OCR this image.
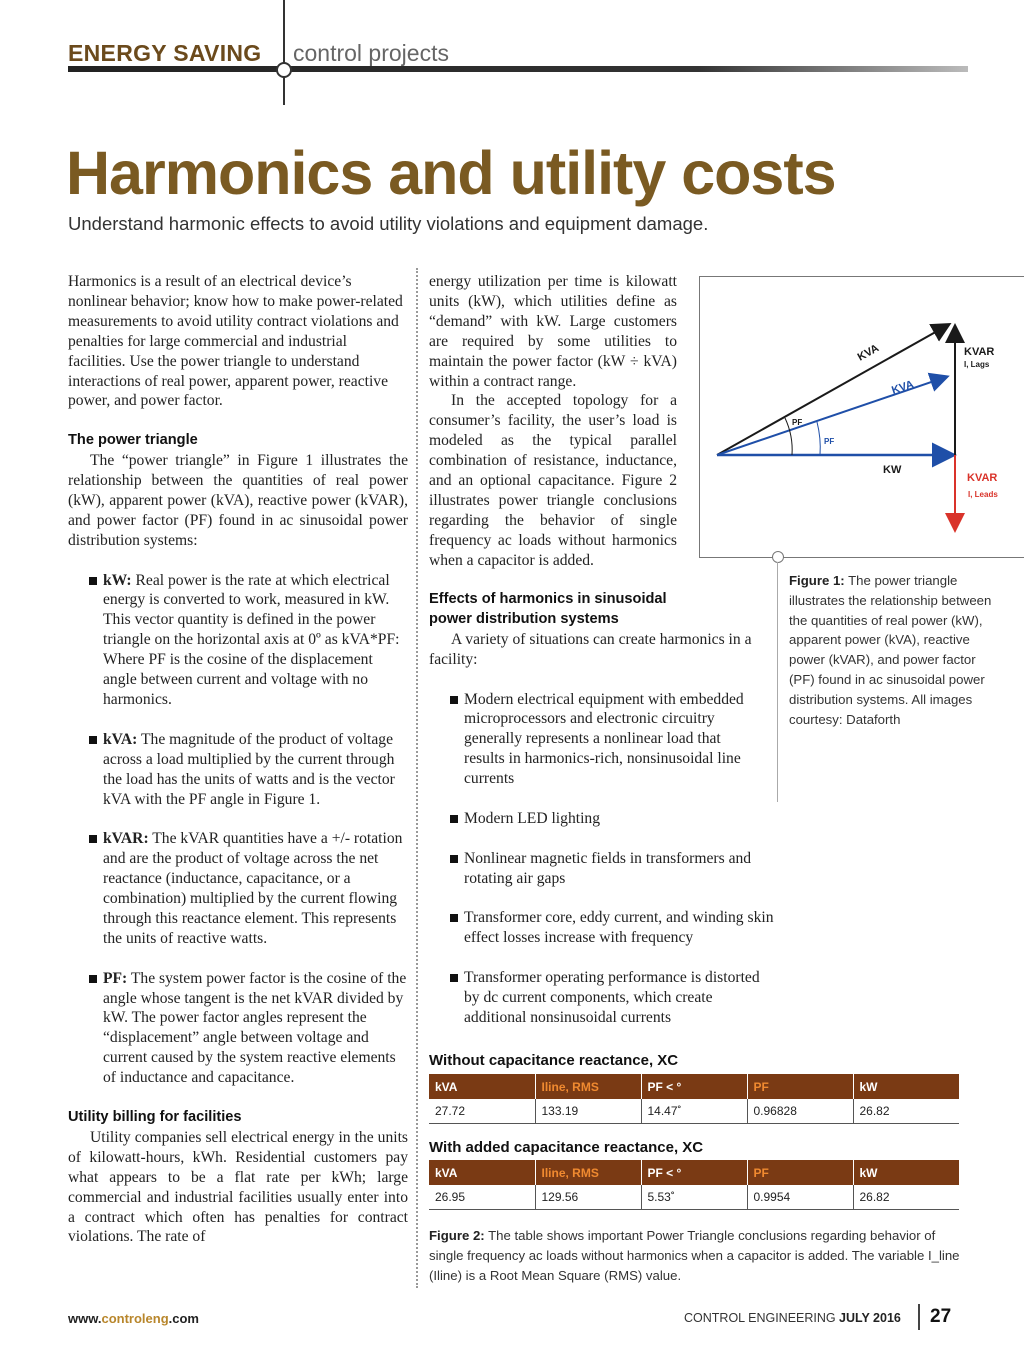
ENERGY SAVING control projects
Harmonics and utility costs
Understand harmonic effects to avoid utility violations and equipment damage.

Harmonics is a result of an electrical device’s nonlinear behavior; know how to make power-related measurements to avoid utility contract violations and penalties for large commercial and industrial facilities. Use the power triangle to understand interactions of real power, apparent power, reactive power, and power factor.

The power triangle

The “power triangle” in Figure 1 illustrates the relationship between the quantities of real power (kW), apparent power (kVA), reactive power (kVAR), and power factor (PF) found in ac sinusoidal power distribution systems:

kW: Real power is the rate at which electrical energy is converted to work, measured in kW. This vector quantity is defined in the power triangle on the horizontal axis at 0º as kVA*PF: Where PF is the cosine of the displacement angle between current and voltage with no harmonics.
kVA: The magnitude of the product of voltage across a load multiplied by the current through the load has the units of watts and is the vector kVA with the PF angle in Figure 1.
kVAR: The kVAR quantities have a +/- rotation and are the product of voltage across the net reactance (inductance, capacitance, or a combination) multiplied by the current flowing through this reactance element. This represents the units of reactive watts.
PF: The system power factor is the cosine of the angle whose tangent is the net kVAR divided by kW. The power factor angles represent the “displacement” angle between voltage and current caused by the system reactive elements of inductance and capacitance.

Utility billing for facilities

Utility companies sell electrical energy in the units of kilowatt-hours, kWh. Residential customers pay what appears to be a flat rate per kWh; large commercial and industrial facilities usually enter into a contract which often has penalties for contract violations. The rate of

energy utilization per time is kilowatt units (kW), which utilities define as “demand” with kW. Large customers are required by some utilities to maintain the power factor (kW ÷ kVA) within a contract range.

In the accepted topology for a consumer’s facility, the user’s load is modeled as the typical parallel combination of resistance, inductance, and an optional capacitance. Figure 2 illustrates power triangle conclusions regarding the behavior of single frequency ac loads without harmonics when a capacitor is added.

Effects of harmonics in sinusoidal

power distribution systems

A variety of situations can create harmonics in a facility:

Modern electrical equipment with embedded microprocessors and electronic circuitry generally represents a nonlinear load that results in harmonics-rich, nonsinusoidal line currents
Modern LED lighting
Nonlinear magnetic fields in transformers and rotating air gaps
Transformer core, eddy current, and winding skin effect losses increase with frequency
Transformer operating performance is distorted by dc current components, which create additional nonsinusoidal currents
KVA
KVA
KVAR
I, Lags
KVAR
I, Leads
KW
PF
PF
Figure 1: The power triangle illustrates the relationship between the quantities of real power (kW), apparent power (kVA), reactive power (kVAR), and power factor (PF) found in ac sinusoidal power distribution systems. All images courtesy: Dataforth
Without capacitance reactance, XC
kVA	Iline, RMS	PF < °	PF	kW
27.72	133.19	14.47˚	0.96828	26.82
With added capacitance reactance, XC
kVA	Iline, RMS	PF < °	PF	kW
26.95	129.56	5.53˚	0.9954	26.82
Figure 2: The table shows important Power Triangle conclusions regarding behavior of single frequency ac loads without harmonics when a capacitor is added. The variable I_line (Iline) is a Root Mean Square (RMS) value.
www.controleng.com	CONTROL ENGINEERING JULY 2016 27
